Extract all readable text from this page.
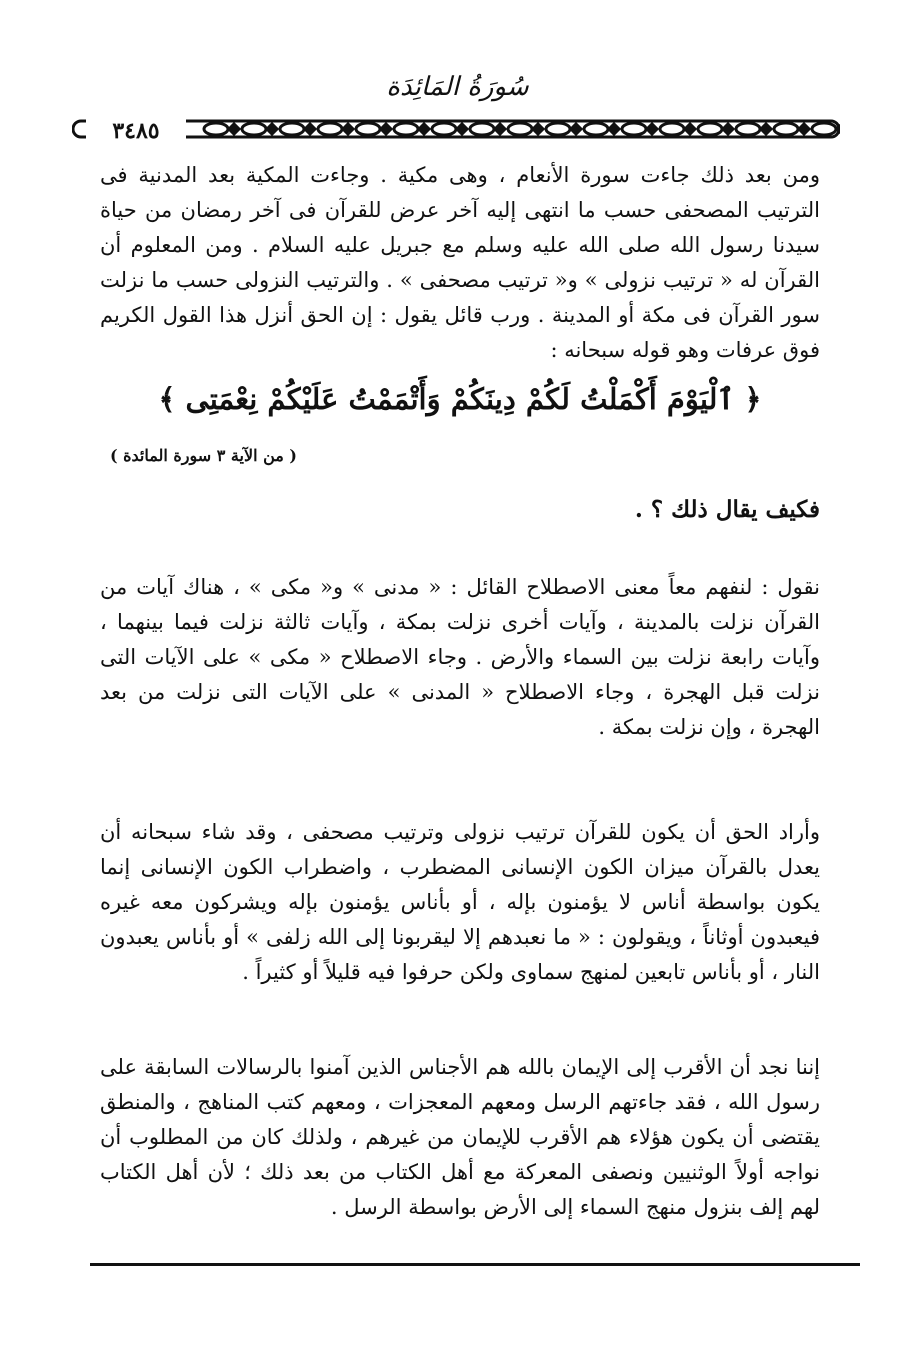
سُورَةُ المَائِدَة
٣٤٨٥

ومن بعد ذلك جاءت سورة الأنعام ، وهى مكية . وجاءت المكية بعد المدنية فى الترتيب المصحفى حسب ما انتهى إليه آخر عرض للقرآن فى آخر رمضان من حياة سيدنا رسول الله صلى الله عليه وسلم مع جبريل عليه السلام . ومن المعلوم أن القرآن له « ترتيب نزولى » و« ترتيب مصحفى » . والترتيب النزولى حسب ما نزلت سور القرآن فى مكة أو المدينة . ورب قائل يقول : إن الحق أنزل هذا القول الكريم فوق عرفات وهو قوله سبحانه :

﴿ ٱلْيَوْمَ أَكْمَلْتُ لَكُمْ دِينَكُمْ وَأَتْمَمْتُ عَلَيْكُمْ نِعْمَتِى ﴾
( من الآية ٣ سورة المائدة )
فكيف يقال ذلك ؟ .

نقول : لنفهم معاً معنى الاصطلاح القائل : « مدنى » و« مكى » ، هناك آيات من القرآن نزلت بالمدينة ، وآيات أخرى نزلت بمكة ، وآيات ثالثة نزلت فيما بينهما ، وآيات رابعة نزلت بين السماء والأرض . وجاء الاصطلاح « مكى » على الآيات التى نزلت قبل الهجرة ، وجاء الاصطلاح « المدنى » على الآيات التى نزلت من بعد الهجرة ، وإن نزلت بمكة .

وأراد الحق أن يكون للقرآن ترتيب نزولى وترتيب مصحفى ، وقد شاء سبحانه أن يعدل بالقرآن ميزان الكون الإنسانى المضطرب ، واضطراب الكون الإنسانى إنما يكون بواسطة أناس لا يؤمنون بإله ، أو بأناس يؤمنون بإله ويشركون معه غيره فيعبدون أوثاناً ، ويقولون : « ما نعبدهم إلا ليقربونا إلى الله زلفى » أو بأناس يعبدون النار ، أو بأناس تابعين لمنهج سماوى ولكن حرفوا فيه قليلاً أو كثيراً .

إننا نجد أن الأقرب إلى الإيمان بالله هم الأجناس الذين آمنوا بالرسالات السابقة على رسول الله ، فقد جاءتهم الرسل ومعهم المعجزات ، ومعهم كتب المناهج ، والمنطق يقتضى أن يكون هؤلاء هم الأقرب للإيمان من غيرهم ، ولذلك كان من المطلوب أن نواجه أولاً الوثنيين ونصفى المعركة مع أهل الكتاب من بعد ذلك ؛ لأن أهل الكتاب لهم إلف بنزول منهج السماء إلى الأرض بواسطة الرسل .
